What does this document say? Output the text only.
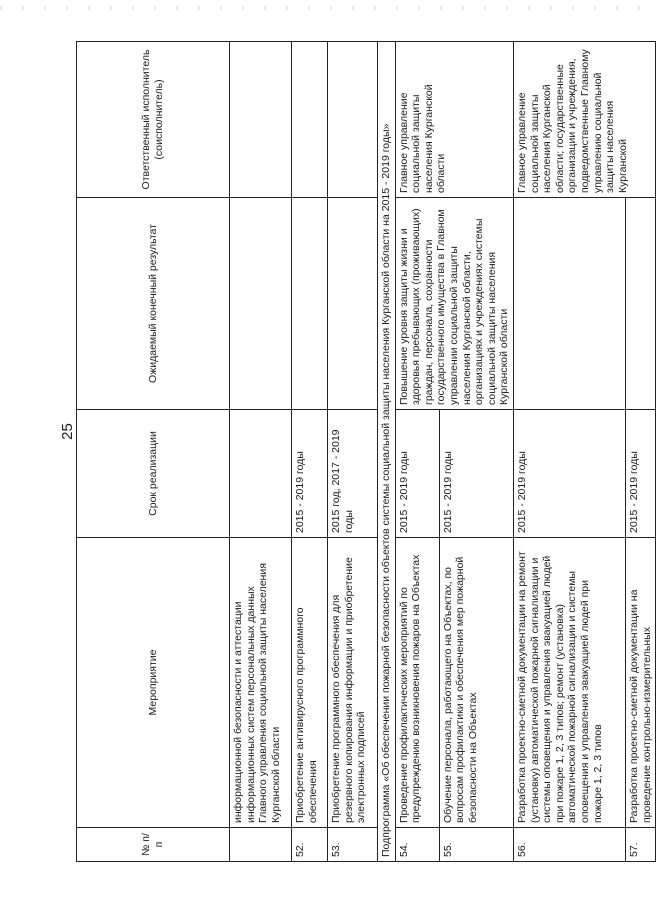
25
№ п/п	Мероприятие	Срок реализации	Ожидаемый конечный результат	Ответственный исполнитель (соисполнитель)
	информационной безопасности и аттестации информационных систем персональных данных Главного управления социальной защиты населения Курганской области			
52.	Приобретение антивирусного программного обеспечения	2015 - 2019 годы		
53.	Приобретение программного обеспечения для резервного копирования информации и приобретение электронных подписей	2015 год, 2017 - 2019 годы		
Подпрограмма «Об обеспечении пожарной безопасности объектов системы социальной защиты населения Курганской области на 2015 - 2019 годы»				
54.	Проведение профилактических мероприятий по предупреждению возникновения пожаров на Объектах	2015 - 2019 годы	Повышение уровня защиты жизни и здоровья пребывающих (проживающих) граждан, персонала, сохранности государственного имущества в Главном управлении социальной защиты населения Курганской области, организациях и учреждениях системы социальной защиты населения Курганской области	Главное управление социальной защиты населения Курганской области
55.	Обучение персонала, работающего на Объектах, по вопросам профилактики и обеспечения мер пожарной безопасности на Объектах	2015 - 2019 годы		
56.	Разработка проектно-сметной документации на ремонт (установку) автоматической пожарной сигнализации и системы оповещения и управления эвакуацией людей при пожаре 1, 2, 3 типов; ремонт (установка) автоматической пожарной сигнализации и системы оповещения и управления эвакуацией людей при пожаре 1, 2, 3 типов	2015 - 2019 годы		Главное управление социальной защиты населения Курганской области; государственные организации и учреждения, подведомственные Главному управлению социальной защиты населения Курганской
57.	Разработка проектно-сметной документации на проведение контрольно-измерительных	2015 - 2019 годы		
